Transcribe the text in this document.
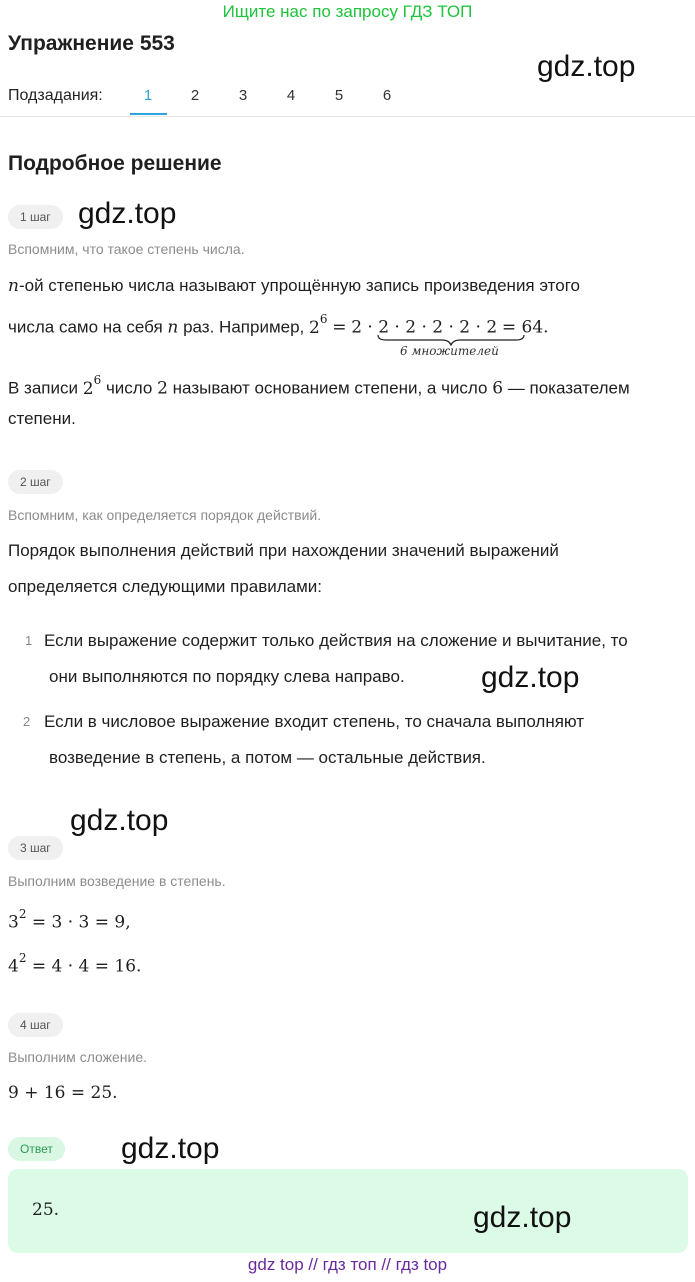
Ищите нас по запросу ГДЗ ТОП
Упражнение 553
gdz.top
Подзадания:	1	2	3	4	5	6
Подробное решение
1 шаг gdz.top
Вспомним, что такое степень числа.
n-ой степенью числа называют упрощённую запись произведения этого
числа само на себя n раз. Например, $2^6 = 2 \cdot 2 \cdot 2 \cdot 2 \cdot 2 \cdot 2 = 64$.
6 множителей
В записи $2^6$ число 2 называют основанием степени, а число 6 — показателем
степени.
2 шаг
Вспомним, как определяется порядок действий.
Порядок выполнения действий при нахождении значений выражений
определяется следующими правилами:
1 Если выражение содержит только действия на сложение и вычитание, то
они выполняются по порядку слева направо.	gdz.top
2 Если в числовое выражение входит степень, то сначала выполняют
возведение в степень, а потом — остальные действия.
gdz.top
3 шаг
Выполним возведение в степень.
$3^2 = 3 \cdot 3 = 9$,
$4^2 = 4 \cdot 4 = 16$.
4 шаг
Выполним сложение.
9 + 16 = 25.
Ответ	gdz.top
25.	gdz.top
gdz top // гдз топ // гдз top
